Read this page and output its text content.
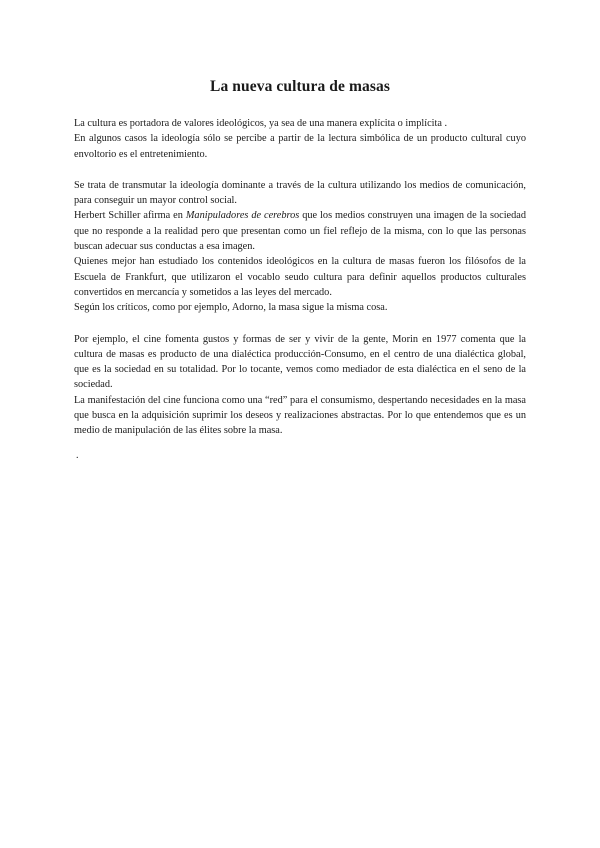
La nueva cultura de masas

La cultura es portadora de valores ideológicos, ya sea de una manera explícita o implícita .

En algunos casos la ideología sólo se percibe a partir de la lectura simbólica de un producto cultural cuyo envoltorio es el entretenimiento.

Se trata de transmutar la ideología dominante a través de la cultura utilizando los medios de comunicación, para conseguir un mayor control social.

Herbert Schiller afirma en Manipuladores de cerebros que los medios construyen una imagen de la sociedad que no responde a la realidad pero que presentan como un fiel reflejo de la misma, con lo que las personas buscan adecuar sus conductas a esa imagen.

Quienes mejor han estudiado los contenidos ideológicos en la cultura de masas fueron los filósofos de la Escuela de Frankfurt, que utilizaron el vocablo seudo cultura para definir aquellos productos culturales convertidos en mercancía y sometidos a las leyes del mercado.

Según los críticos, como por ejemplo, Adorno, la masa sigue la misma cosa.

Por ejemplo, el cine fomenta gustos y formas de ser y vivir de la gente, Morin en 1977 comenta que la cultura de masas es producto de una dialéctica producción-Consumo, en el centro de una dialéctica global, que es la sociedad en su totalidad. Por lo tocante, vemos como mediador de esta dialéctica en el seno de la sociedad.

La manifestación del cine funciona como una “red” para el consumismo, despertando necesidades en la masa que busca en la adquisición suprimir los deseos y realizaciones abstractas. Por lo que entendemos que es un medio de manipulación de las élites sobre la masa.

.
